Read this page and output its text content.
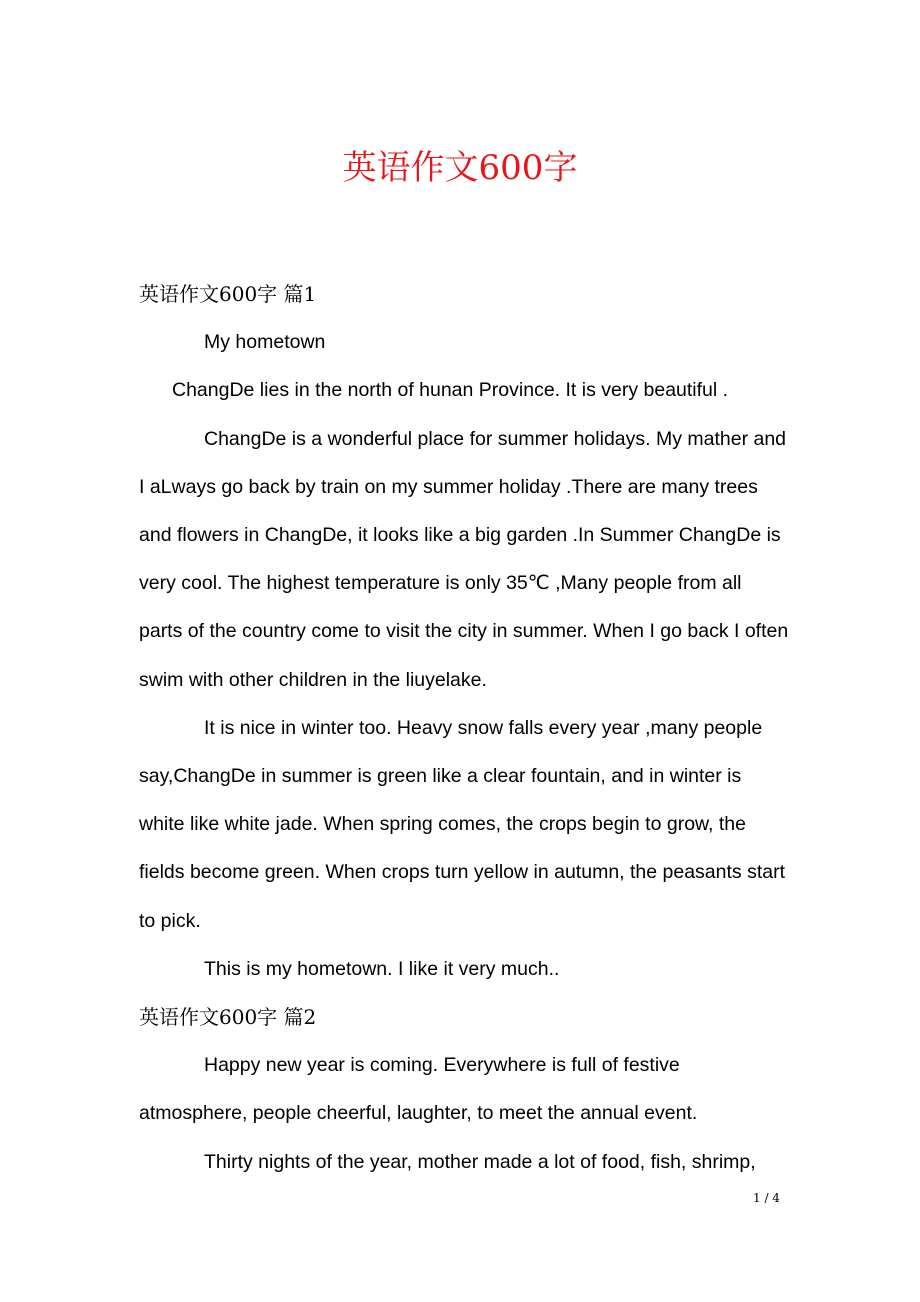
英语作文600字
英语作文600字 篇1

My hometown

ChangDe lies in the north of hunan Province. It is very beautiful .

ChangDe is a wonderful place for summer holidays. My mather and I aLways go back by train on my summer holiday .There are many trees and flowers in ChangDe, it looks like a big garden .In Summer ChangDe is very cool. The highest temperature is only 35℃ ,Many people from all parts of the country come to visit the city in summer. When I go back I often swim with other children in the liuyelake.

It is nice in winter too. Heavy snow falls every year ,many people say,ChangDe in summer is green like a clear fountain, and in winter is white like white jade. When spring comes, the crops begin to grow, the fields become green. When crops turn yellow in autumn, the peasants start to pick.

This is my hometown. I like it very much..

英语作文600字 篇2

Happy new year is coming. Everywhere is full of festive atmosphere, people cheerful, laughter, to meet the annual event.

Thirty nights of the year, mother made a lot of food, fish, shrimp,

1 / 4
